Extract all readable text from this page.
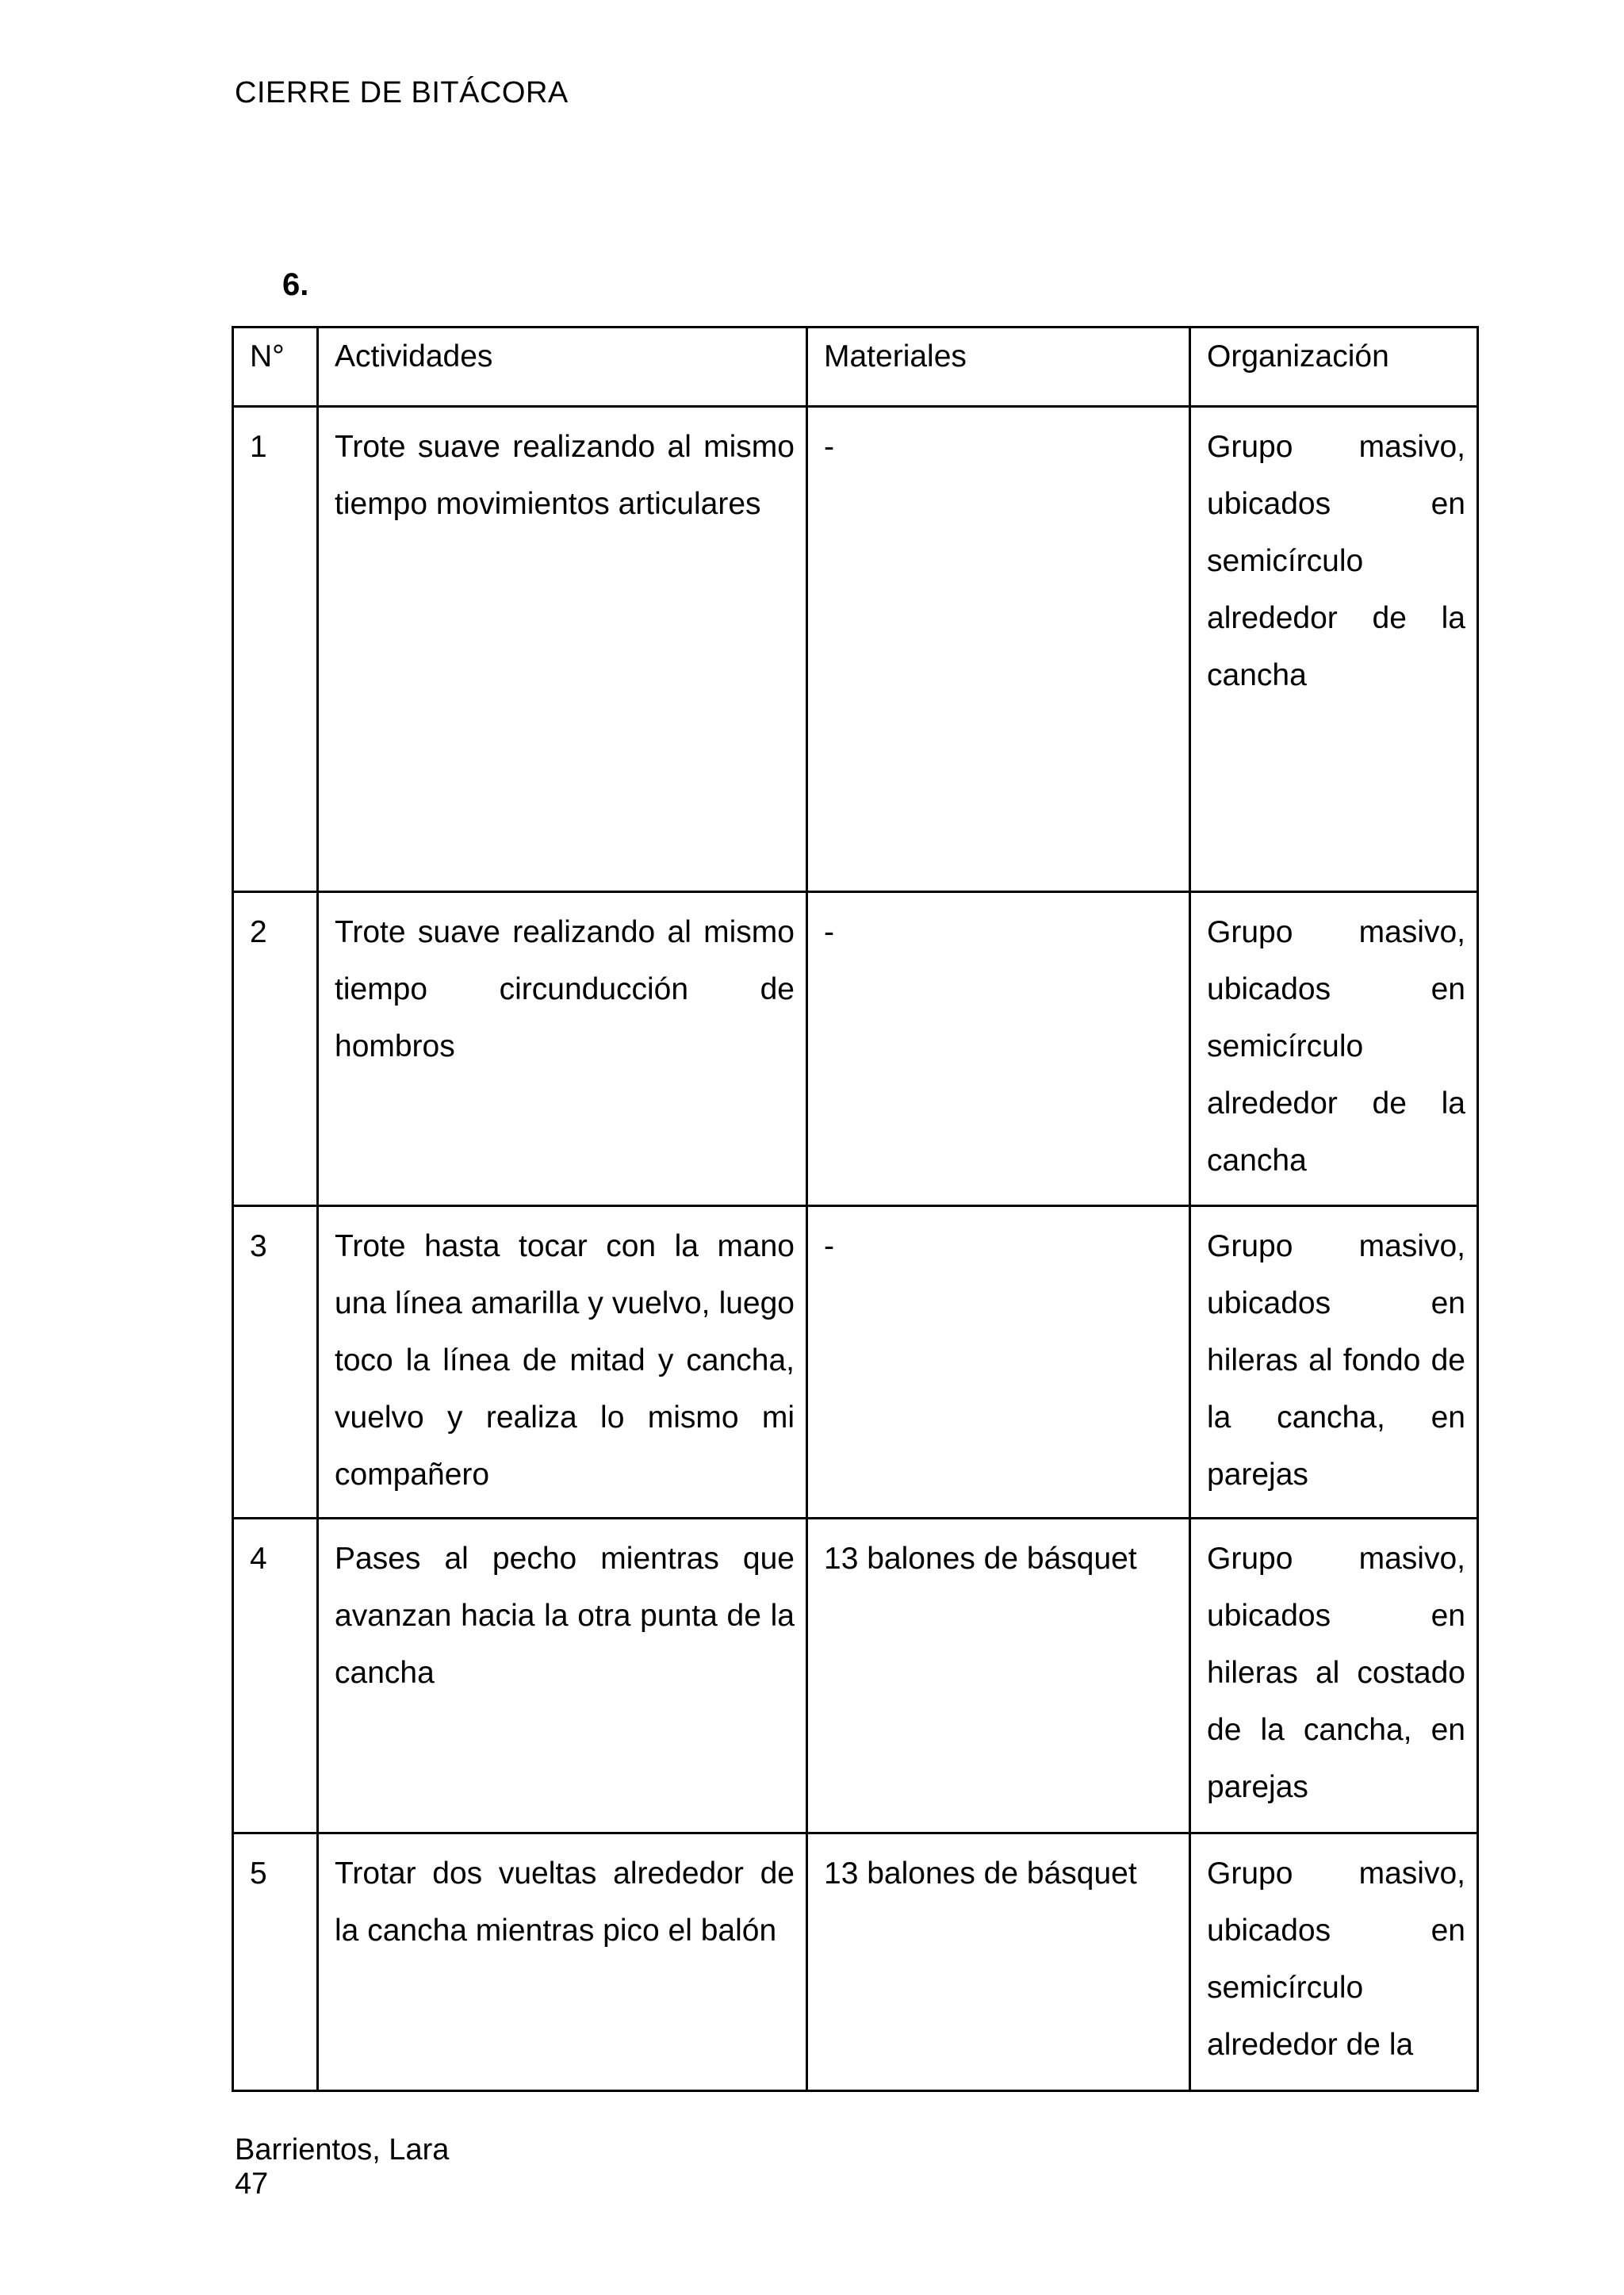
CIERRE DE BITÁCORA
6.
N°	Actividades	Materiales	Organización
1	Trote suave realizando al mismo tiempo movimientos articulares	-	Grupo masivo, ubicados en semicírculo alrededor de la cancha
2	Trote suave realizando al mismo tiempo circunducción de hombros	-	Grupo masivo, ubicados en semicírculo alrededor de la cancha
3	Trote hasta tocar con la mano una línea amarilla y vuelvo, luego toco la línea de mitad y cancha, vuelvo y realiza lo mismo mi compañero	-	Grupo masivo, ubicados en hileras al fondo de la cancha, en parejas
4	Pases al pecho mientras que avanzan hacia la otra punta de la cancha	13 balones de básquet	Grupo masivo, ubicados en hileras al costado de la cancha, en parejas
5	Trotar dos vueltas alrededor de la cancha mientras pico el balón	13 balones de básquet	Grupo masivo, ubicados en semicírculo alrededor de la
Barrientos, Lara
47
